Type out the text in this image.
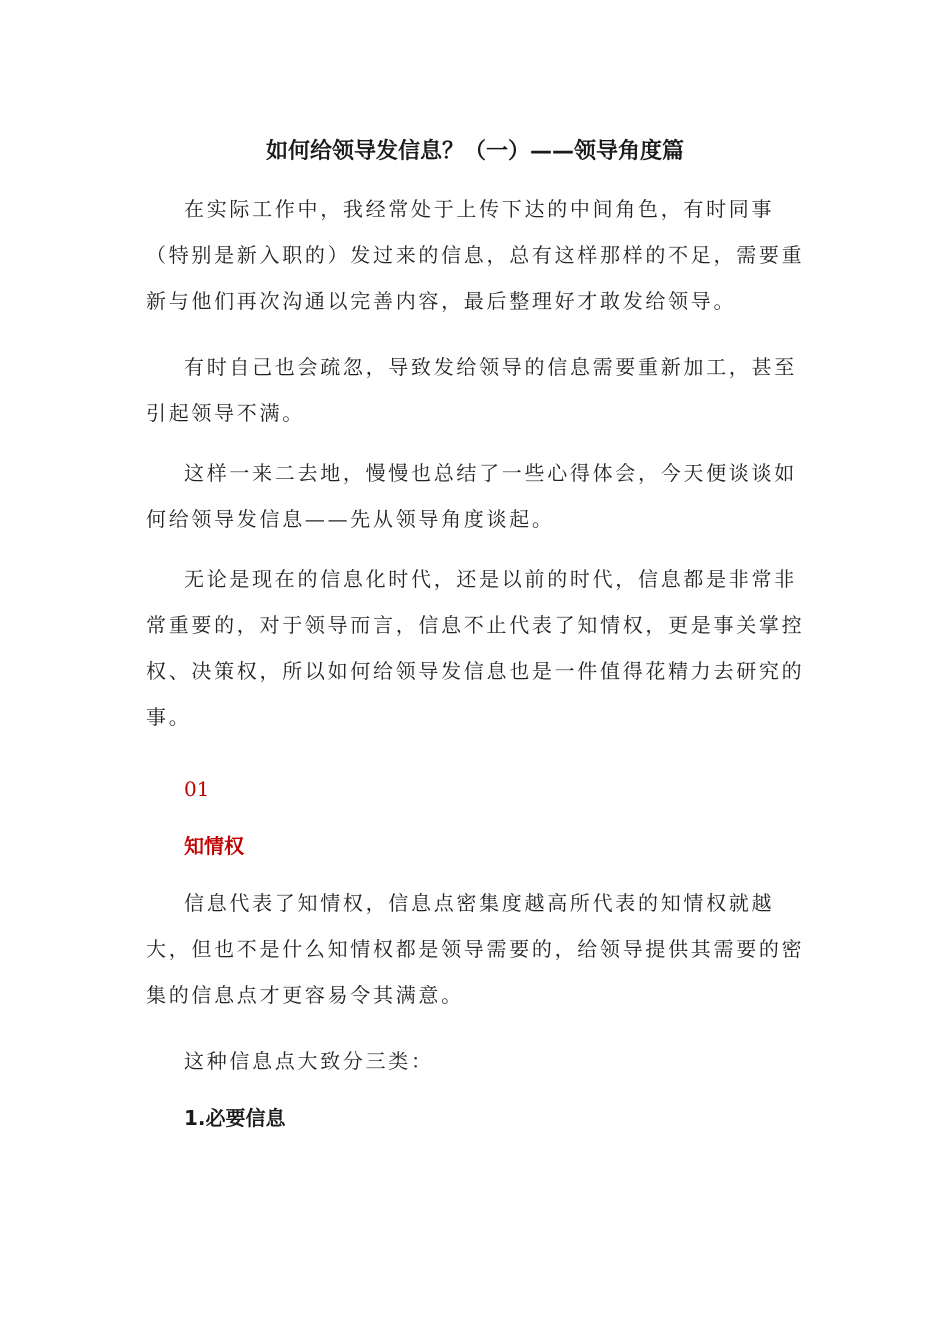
如何给领导发信息？（一）——领导角度篇

在实际工作中，我经常处于上传下达的中间角色，有时同事（特别是新入职的）发过来的信息，总有这样那样的不足，需要重新与他们再次沟通以完善内容，最后整理好才敢发给领导。

有时自己也会疏忽，导致发给领导的信息需要重新加工，甚至引起领导不满。

这样一来二去地，慢慢也总结了一些心得体会，今天便谈谈如何给领导发信息——先从领导角度谈起。

无论是现在的信息化时代，还是以前的时代，信息都是非常非常重要的，对于领导而言，信息不止代表了知情权，更是事关掌控权、决策权，所以如何给领导发信息也是一件值得花精力去研究的事。

01

知情权

信息代表了知情权，信息点密集度越高所代表的知情权就越大，但也不是什么知情权都是领导需要的，给领导提供其需要的密集的信息点才更容易令其满意。

这种信息点大致分三类：

1.必要信息
